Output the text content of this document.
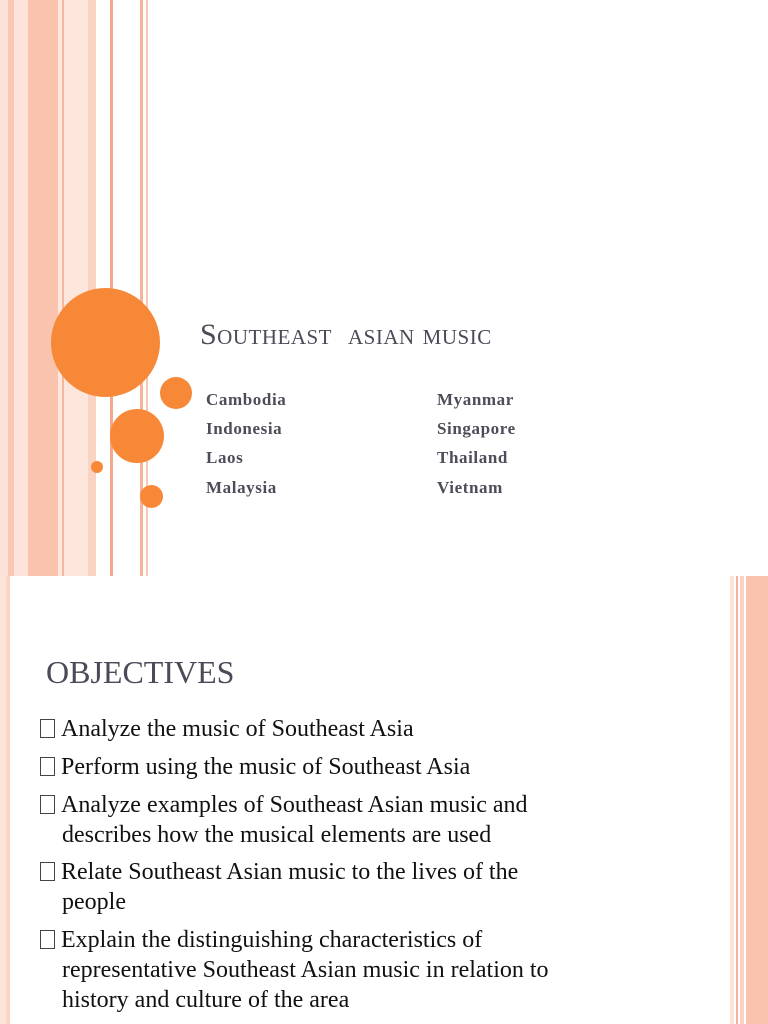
Southeast  asian music

Cambodia

Indonesia

Laos

Malaysia

Myanmar

Singapore

Thailand

Vietnam

OBJECTIVES

Analyze the music of Southeast Asia

Perform using the music of Southeast Asia

Analyze examples of Southeast Asian music and
describes how the musical elements are used

Relate Southeast Asian music to the lives of the
people

Explain the distinguishing characteristics of
representative Southeast Asian music in relation to
history and culture of the area
